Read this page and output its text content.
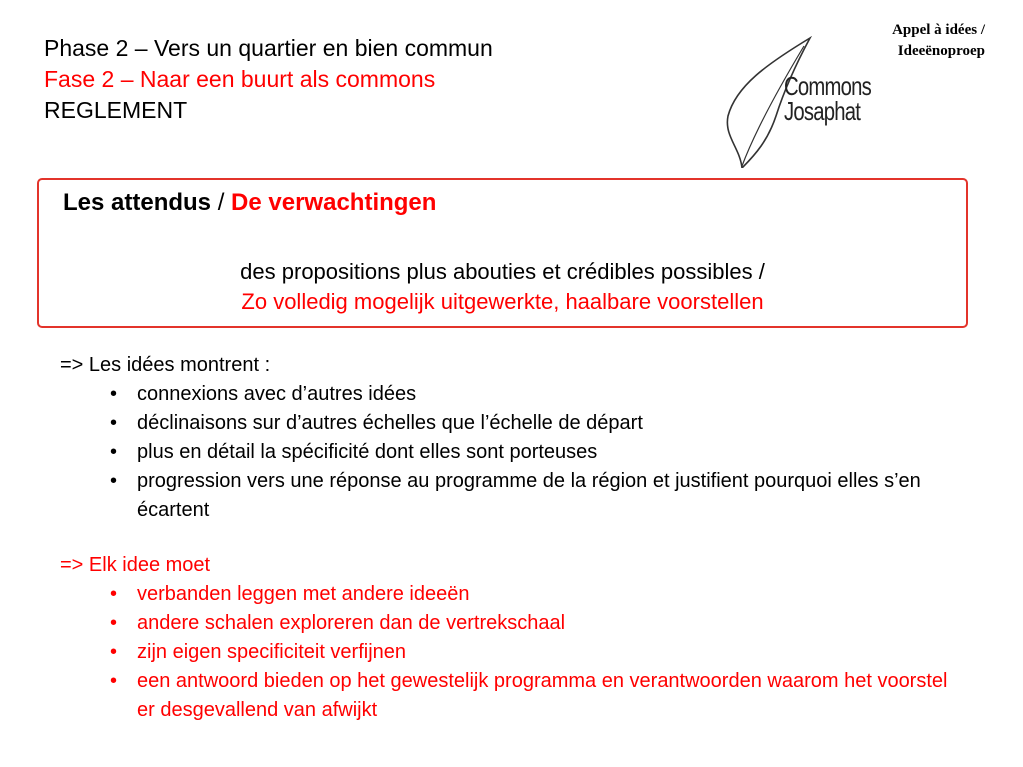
Phase 2 – Vers un quartier en bien commun
Fase 2 – Naar een buurt als commons
REGLEMENT
Appel à idées /
Ideeënoproep
Commons
Josaphat
Les attendus / De verwachtingen
des propositions plus abouties et crédibles possibles /
Zo volledig mogelijk uitgewerkte, haalbare voorstellen
=> Les idées montrent :
• connexions avec d’autres idées
• déclinaisons sur d’autres échelles que l’échelle de départ
• plus en détail la spécificité dont elles sont porteuses
• progression vers une réponse au programme de la région et justifient pourquoi elles s’en écartent
=> Elk idee moet
• verbanden leggen met andere ideeën
• andere schalen exploreren dan de vertrekschaal
• zijn eigen specificiteit verfijnen
• een antwoord bieden op het gewestelijk programma en verantwoorden waarom het voorstel er desgevallend van afwijkt
